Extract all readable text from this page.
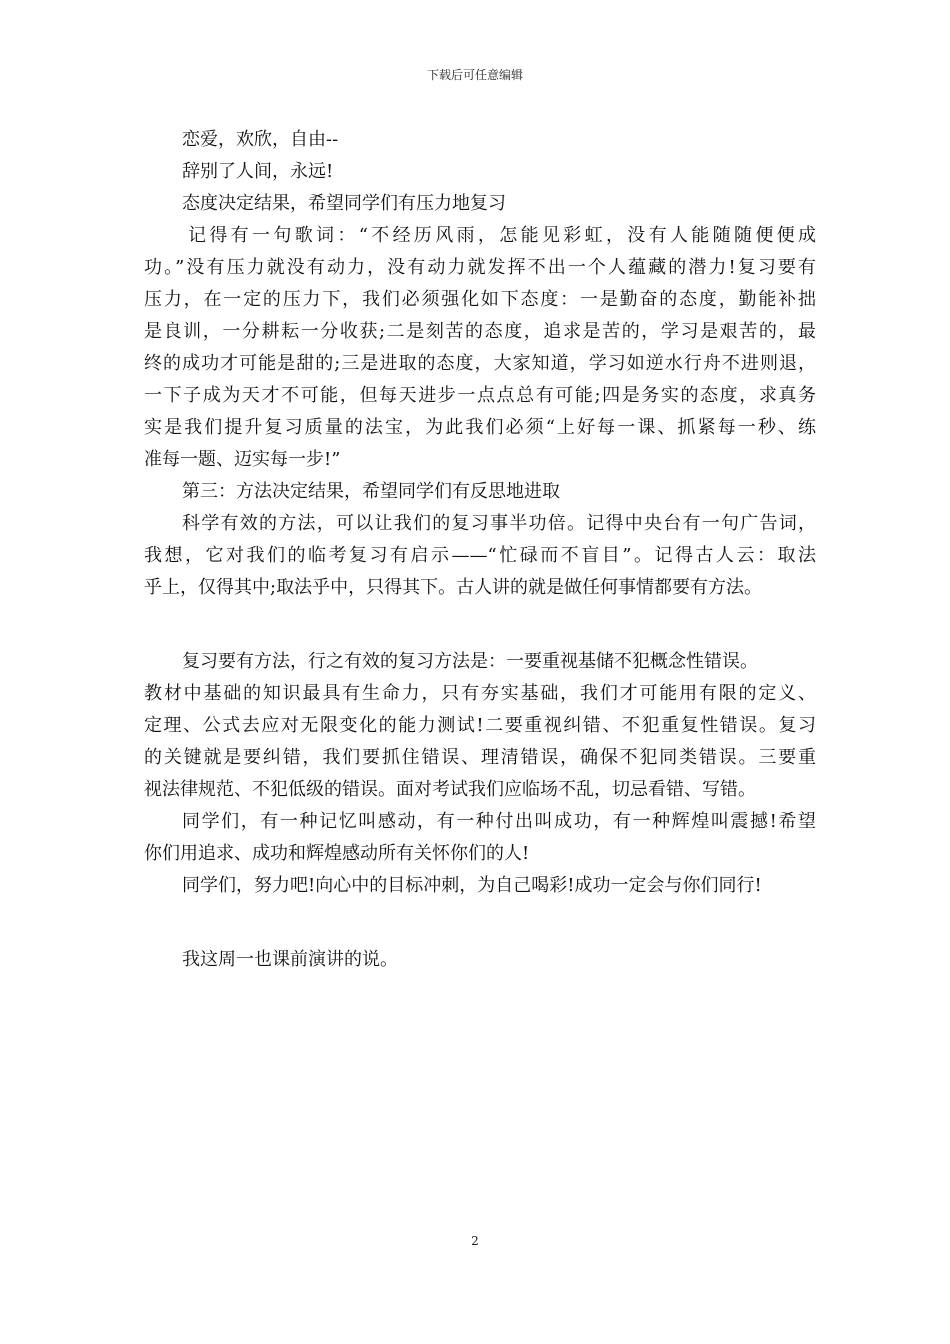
下载后可任意编辑

恋爱，欢欣，自由--

辞别了人间，永远!

态度决定结果，希望同学们有压力地复习

记得有一句歌词：“不经历风雨，怎能见彩虹，没有人能随随便便成

功。”没有压力就没有动力，没有动力就发挥不出一个人蕴藏的潜力!复习要有

压力，在一定的压力下，我们必须强化如下态度：一是勤奋的态度，勤能补拙

是良训，一分耕耘一分收获;二是刻苦的态度，追求是苦的，学习是艰苦的，最

终的成功才可能是甜的;三是进取的态度，大家知道，学习如逆水行舟不进则退，

一下子成为天才不可能，但每天进步一点点总有可能;四是务实的态度，求真务

实是我们提升复习质量的法宝，为此我们必须“上好每一课、抓紧每一秒、练

准每一题、迈实每一步!”

第三：方法决定结果，希望同学们有反思地进取

科学有效的方法，可以让我们的复习事半功倍。记得中央台有一句广告词，

我想，它对我们的临考复习有启示——“忙碌而不盲目”。记得古人云：取法

乎上，仅得其中;取法乎中，只得其下。古人讲的就是做任何事情都要有方法。

复习要有方法，行之有效的复习方法是：一要重视基储不犯概念性错误。

教材中基础的知识最具有生命力，只有夯实基础，我们才可能用有限的定义、

定理、公式去应对无限变化的能力测试!二要重视纠错、不犯重复性错误。复习

的关键就是要纠错，我们要抓住错误、理清错误，确保不犯同类错误。三要重

视法律规范、不犯低级的错误。面对考试我们应临场不乱，切忌看错、写错。

同学们，有一种记忆叫感动，有一种付出叫成功，有一种辉煌叫震撼!希望

你们用追求、成功和辉煌感动所有关怀你们的人!

同学们，努力吧!向心中的目标冲刺，为自己喝彩!成功一定会与你们同行!

我这周一也课前演讲的说。

2
